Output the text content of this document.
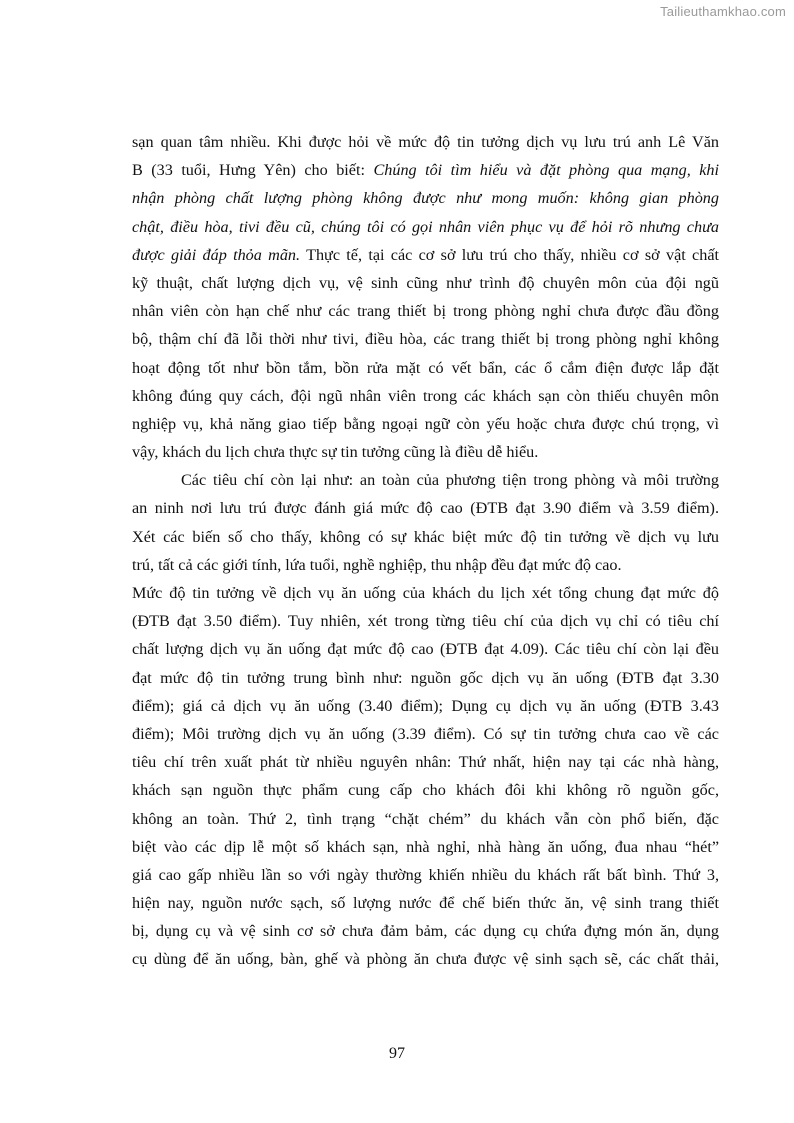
Tailieuthamkhao.com
sạn quan tâm nhiều. Khi được hỏi về mức độ tin tưởng dịch vụ lưu trú anh Lê Văn
B (33 tuổi, Hưng Yên) cho biết: Chúng tôi tìm hiểu và đặt phòng qua mạng, khi
nhận phòng chất lượng phòng không được như mong muốn: không gian phòng
chật, điều hòa, tivi đều cũ, chúng tôi có gọi nhân viên phục vụ để hỏi rõ nhưng chưa
được giải đáp thỏa mãn. Thực tế, tại các cơ sở lưu trú cho thấy, nhiều cơ sở vật chất
kỹ thuật, chất lượng dịch vụ, vệ sinh cũng như trình độ chuyên môn của đội ngũ
nhân viên còn hạn chế như các trang thiết bị trong phòng nghỉ chưa được đầu đồng
bộ, thậm chí đã lỗi thời như tivi, điều hòa, các trang thiết bị trong phòng nghỉ không
hoạt động tốt như bồn tắm, bồn rửa mặt có vết bẩn, các ổ cắm điện được lắp đặt
không đúng quy cách, đội ngũ nhân viên trong các khách sạn còn thiếu chuyên môn
nghiệp vụ, khả năng giao tiếp bằng ngoại ngữ còn yếu hoặc chưa được chú trọng, vì
vậy, khách du lịch chưa thực sự tin tưởng cũng là điều dễ hiểu.
Các tiêu chí còn lại như: an toàn của phương tiện trong phòng và môi trường
an ninh nơi lưu trú được đánh giá mức độ cao (ĐTB đạt 3.90 điểm và 3.59 điểm).
Xét các biến số cho thấy, không có sự khác biệt mức độ tin tưởng về dịch vụ lưu
trú, tất cả các giới tính, lứa tuổi, nghề nghiệp, thu nhập đều đạt mức độ cao.
Mức độ tin tưởng về dịch vụ ăn uống của khách du lịch xét tổng chung đạt mức độ
(ĐTB đạt 3.50 điểm). Tuy nhiên, xét trong từng tiêu chí của dịch vụ chỉ có tiêu chí
chất lượng dịch vụ ăn uống đạt mức độ cao (ĐTB đạt 4.09). Các tiêu chí còn lại đều
đạt mức độ tin tưởng trung bình như: nguồn gốc dịch vụ ăn uống (ĐTB đạt 3.30
điểm); giá cả dịch vụ ăn uống (3.40 điểm); Dụng cụ dịch vụ ăn uống (ĐTB 3.43
điểm); Môi trường dịch vụ ăn uống (3.39 điểm). Có sự tin tưởng chưa cao về các
tiêu chí trên xuất phát từ nhiều nguyên nhân: Thứ nhất, hiện nay tại các nhà hàng,
khách sạn nguồn thực phẩm cung cấp cho khách đôi khi không rõ nguồn gốc,
không an toàn. Thứ 2, tình trạng “chặt chém” du khách vẫn còn phổ biến, đặc
biệt vào các dịp lễ một số khách sạn, nhà nghỉ, nhà hàng ăn uống, đua nhau “hét”
giá cao gấp nhiều lần so với ngày thường khiến nhiều du khách rất bất bình. Thứ 3,
hiện nay, nguồn nước sạch, số lượng nước để chế biến thức ăn, vệ sinh trang thiết
bị, dụng cụ và vệ sinh cơ sở chưa đảm bảm, các dụng cụ chứa đựng món ăn, dụng
cụ dùng để ăn uống, bàn, ghế và phòng ăn chưa được vệ sinh sạch sẽ, các chất thải,
97
